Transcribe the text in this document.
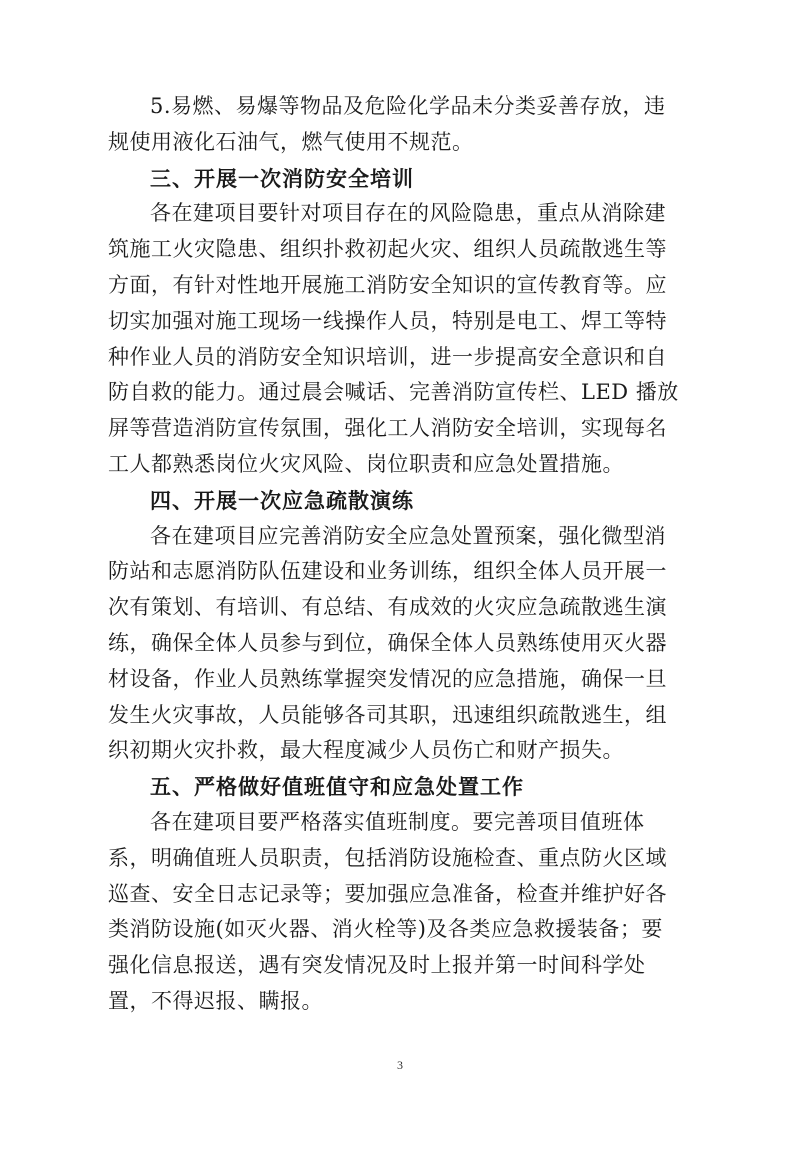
5.易燃、易爆等物品及危险化学品未分类妥善存放，违
规使用液化石油气，燃气使用不规范。
三、开展一次消防安全培训
各在建项目要针对项目存在的风险隐患，重点从消除建
筑施工火灾隐患、组织扑救初起火灾、组织人员疏散逃生等
方面，有针对性地开展施工消防安全知识的宣传教育等。应
切实加强对施工现场一线操作人员，特别是电工、焊工等特
种作业人员的消防安全知识培训，进一步提高安全意识和自
防自救的能力。通过晨会喊话、完善消防宣传栏、LED 播放
屏等营造消防宣传氛围，强化工人消防安全培训，实现每名
工人都熟悉岗位火灾风险、岗位职责和应急处置措施。
四、开展一次应急疏散演练
各在建项目应完善消防安全应急处置预案，强化微型消
防站和志愿消防队伍建设和业务训练，组织全体人员开展一
次有策划、有培训、有总结、有成效的火灾应急疏散逃生演
练，确保全体人员参与到位，确保全体人员熟练使用灭火器
材设备，作业人员熟练掌握突发情况的应急措施，确保一旦
发生火灾事故，人员能够各司其职，迅速组织疏散逃生，组
织初期火灾扑救，最大程度减少人员伤亡和财产损失。
五、严格做好值班值守和应急处置工作
各在建项目要严格落实值班制度。要完善项目值班体
系，明确值班人员职责，包括消防设施检查、重点防火区域
巡查、安全日志记录等；要加强应急准备，检查并维护好各
类消防设施(如灭火器、消火栓等)及各类应急救援装备；要
强化信息报送，遇有突发情况及时上报并第一时间科学处
置，不得迟报、瞒报。
3
